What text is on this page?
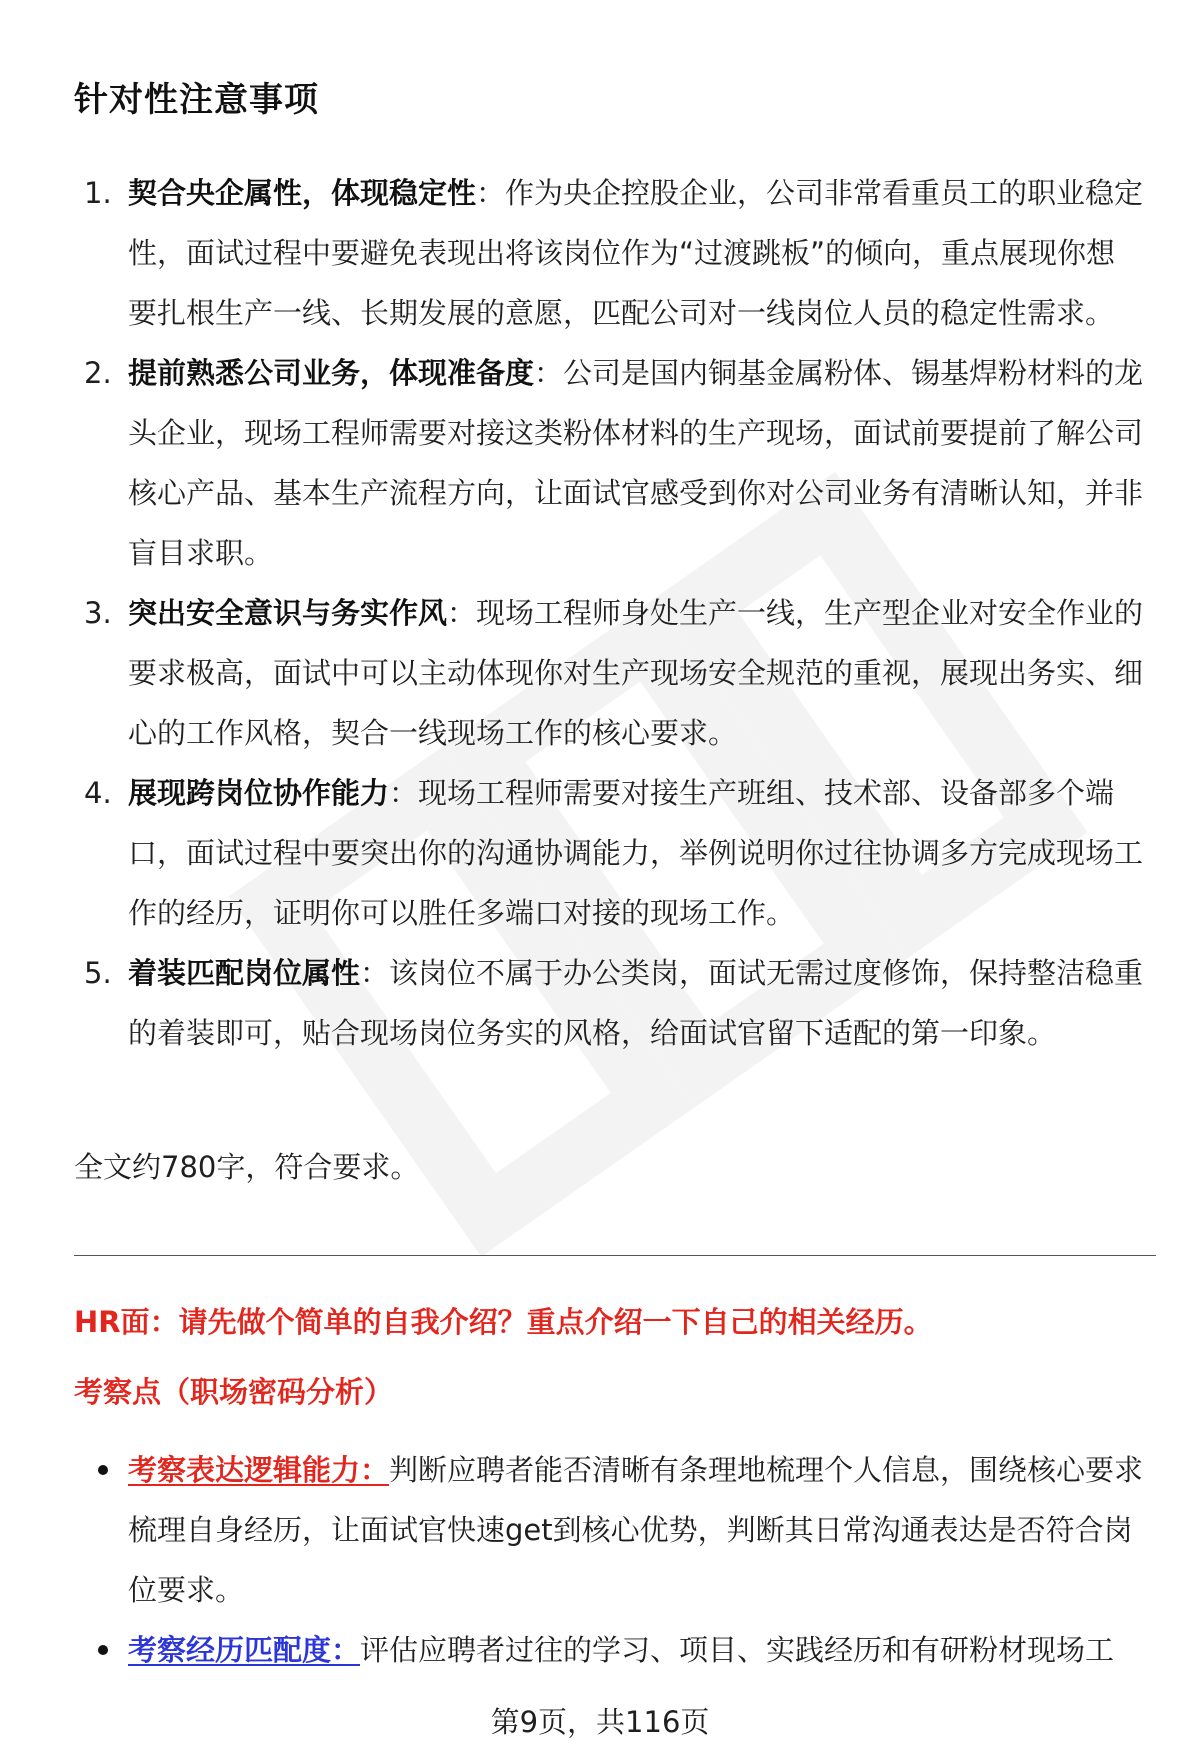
针对性注意事项
1. 契合央企属性，体现稳定性：作为央企控股企业，公司非常看重员工的职业稳定性，面试过程中要避免表现出将该岗位作为“过渡跳板”的倾向，重点展现你想要扎根生产一线、长期发展的意愿，匹配公司对一线岗位人员的稳定性需求。
2. 提前熟悉公司业务，体现准备度：公司是国内铜基金属粉体、锡基焊粉材料的龙头企业，现场工程师需要对接这类粉体材料的生产现场，面试前要提前了解公司核心产品、基本生产流程方向，让面试官感受到你对公司业务有清晰认知，并非盲目求职。
3. 突出安全意识与务实作风：现场工程师身处生产一线，生产型企业对安全作业的要求极高，面试中可以主动体现你对生产现场安全规范的重视，展现出务实、细心的工作风格，契合一线现场工作的核心要求。
4. 展现跨岗位协作能力：现场工程师需要对接生产班组、技术部、设备部多个端口，面试过程中要突出你的沟通协调能力，举例说明你过往协调多方完成现场工作的经历，证明你可以胜任多端口对接的现场工作。
5. 着装匹配岗位属性：该岗位不属于办公类岗，面试无需过度修饰，保持整洁稳重的着装即可，贴合现场岗位务实的风格，给面试官留下适配的第一印象。
全文约780字，符合要求。
HR面：请先做个简单的自我介绍？重点介绍一下自己的相关经历。
考察点（职场密码分析）
考察表达逻辑能力：判断应聘者能否清晰有条理地梳理个人信息，围绕核心要求梳理自身经历，让面试官快速get到核心优势，判断其日常沟通表达是否符合岗位要求。
考察经历匹配度：评估应聘者过往的学习、项目、实践经历和有研粉材现场工
第9页，共116页
